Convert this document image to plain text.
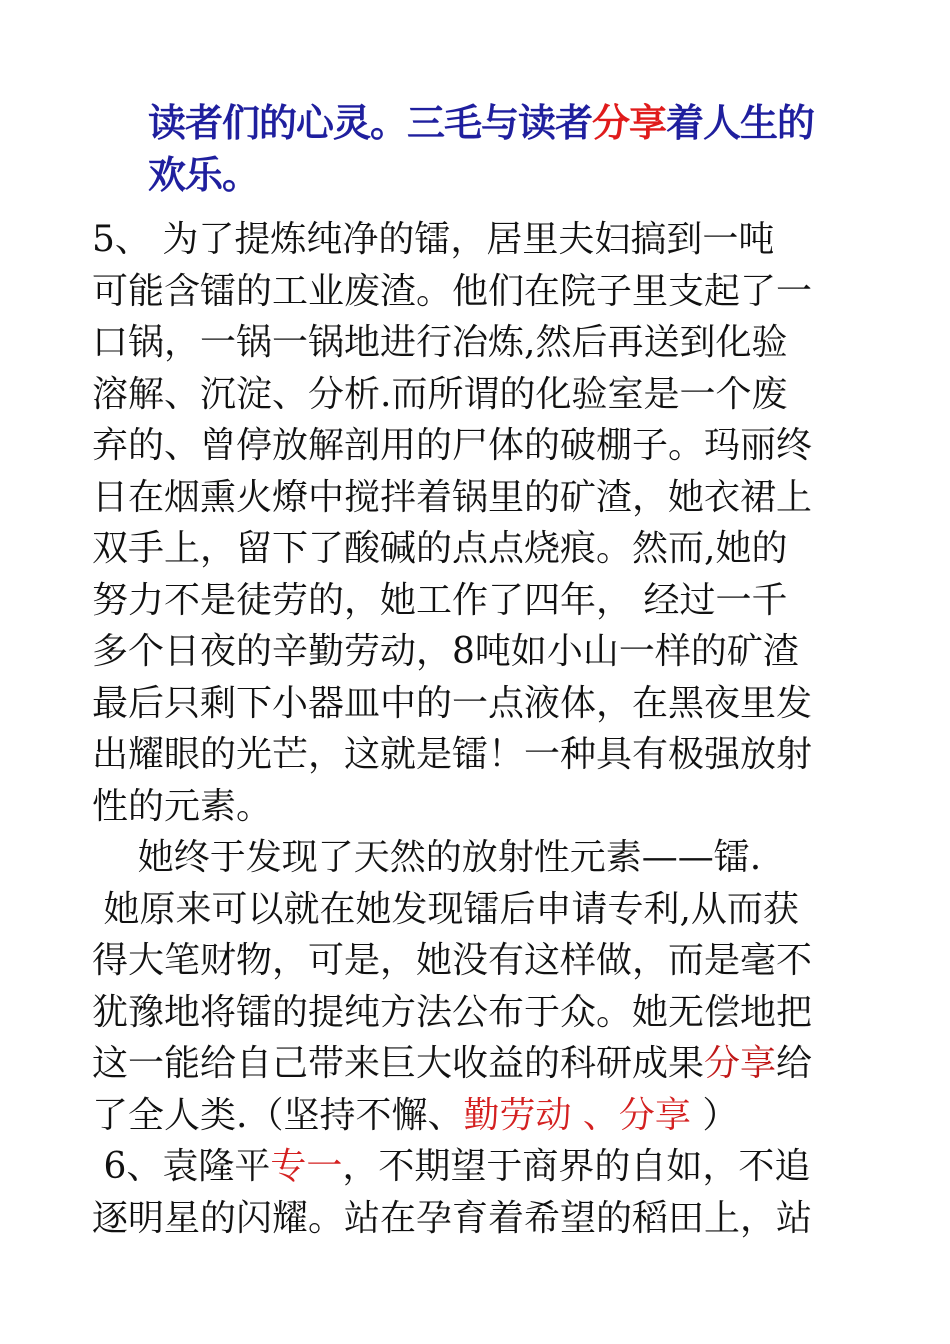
读者们的心灵。三毛与读者分享着人生的
欢乐。
5、 为了提炼纯净的镭，居里夫妇搞到一吨
可能含镭的工业废渣。他们在院子里支起了一
口锅，一锅一锅地进行冶炼,然后再送到化验
溶解、沉淀、分析.而所谓的化验室是一个废
弃的、曾停放解剖用的尸体的破棚子。玛丽终
日在烟熏火燎中搅拌着锅里的矿渣，她衣裙上
双手上，留下了酸碱的点点烧痕。然而,她的
努力不是徒劳的，她工作了四年， 经过一千
多个日夜的辛勤劳动，8吨如小山一样的矿渣
最后只剩下小器皿中的一点液体，在黑夜里发
出耀眼的光芒，这就是镭！一种具有极强放射
性的元素。
她终于发现了天然的放射性元素——镭.
她原来可以就在她发现镭后申请专利,从而获
得大笔财物，可是，她没有这样做，而是毫不
犹豫地将镭的提纯方法公布于众。她无偿地把
这一能给自己带来巨大收益的科研成果分享给
了全人类.（坚持不懈、勤劳动 、分享 ）
6、袁隆平专一，不期望于商界的自如，不追
逐明星的闪耀。站在孕育着希望的稻田上，站
